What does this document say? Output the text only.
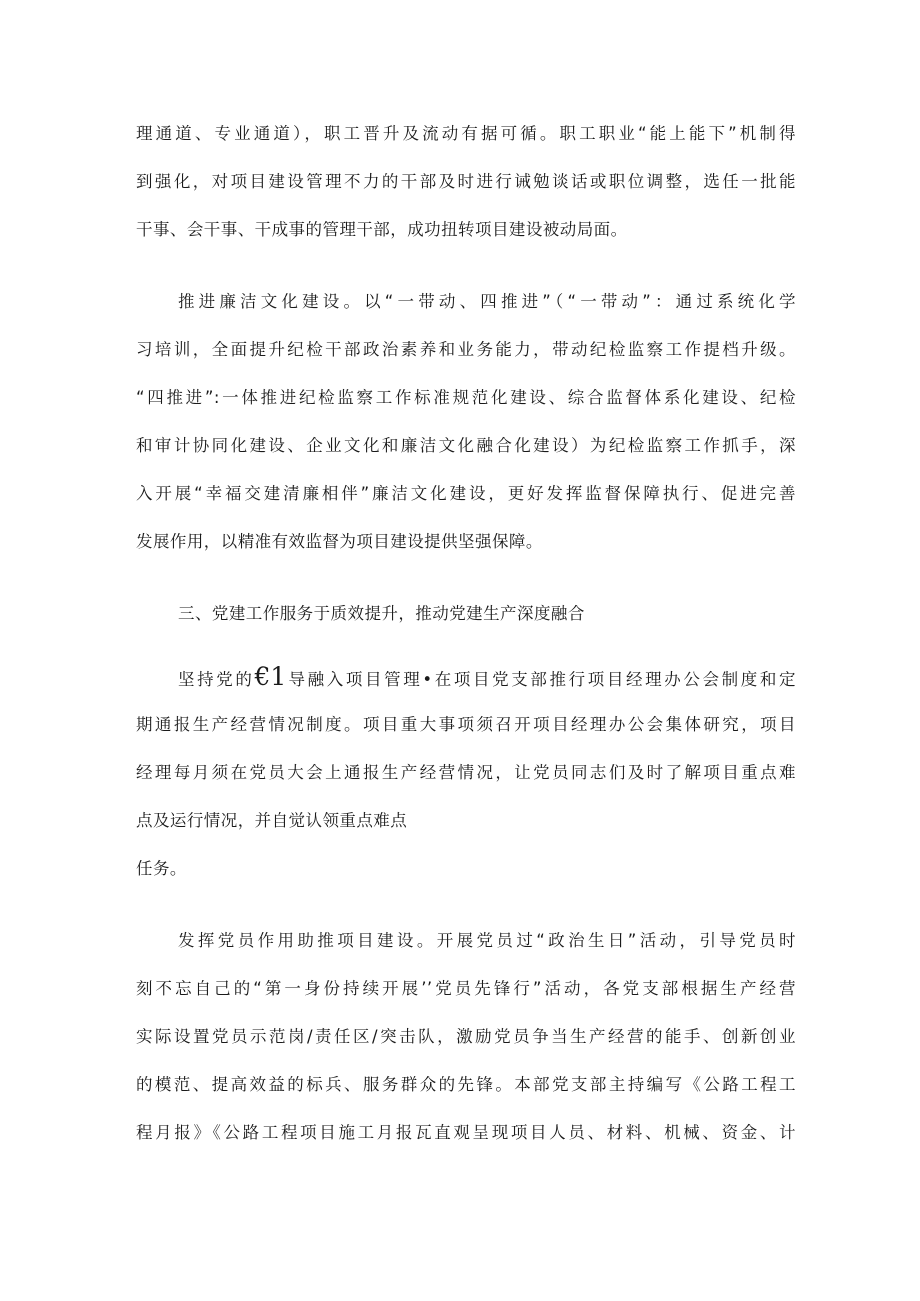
理通道、专业通道），职工晋升及流动有据可循。职工职业“能上能下”机制得
到强化，对项目建设管理不力的干部及时进行诫勉谈话或职位调整，选任一批能
干事、会干事、干成事的管理干部，成功扭转项目建设被动局面。
推进廉洁文化建设。以“一带动、四推进”（“一带动”：通过系统化学
习培训，全面提升纪检干部政治素养和业务能力，带动纪检监察工作提档升级。
“四推进”:一体推进纪检监察工作标准规范化建设、综合监督体系化建设、纪检
和审计协同化建设、企业文化和廉洁文化融合化建设）为纪检监察工作抓手，深
入开展“幸福交建清廉相伴”廉洁文化建设，更好发挥监督保障执行、促进完善
发展作用，以精准有效监督为项目建设提供坚强保障。
三、党建工作服务于质效提升，推动党建生产深度融合
坚持党的€1导融入项目管理•在项目党支部推行项目经理办公会制度和定
期通报生产经营情况制度。项目重大事项须召开项目经理办公会集体研究，项目
经理每月须在党员大会上通报生产经营情况，让党员同志们及时了解项目重点难
点及运行情况，并自觉认领重点难点
任务。
发挥党员作用助推项目建设。开展党员过“政治生日”活动，引导党员时
刻不忘自己的“第一身份持续开展’’党员先锋行”活动，各党支部根据生产经营
实际设置党员示范岗/责任区/突击队，激励党员争当生产经营的能手、创新创业
的模范、提高效益的标兵、服务群众的先锋。本部党支部主持编写《公路工程工
程月报》《公路工程项目施工月报瓦直观呈现项目人员、材料、机械、资金、计
